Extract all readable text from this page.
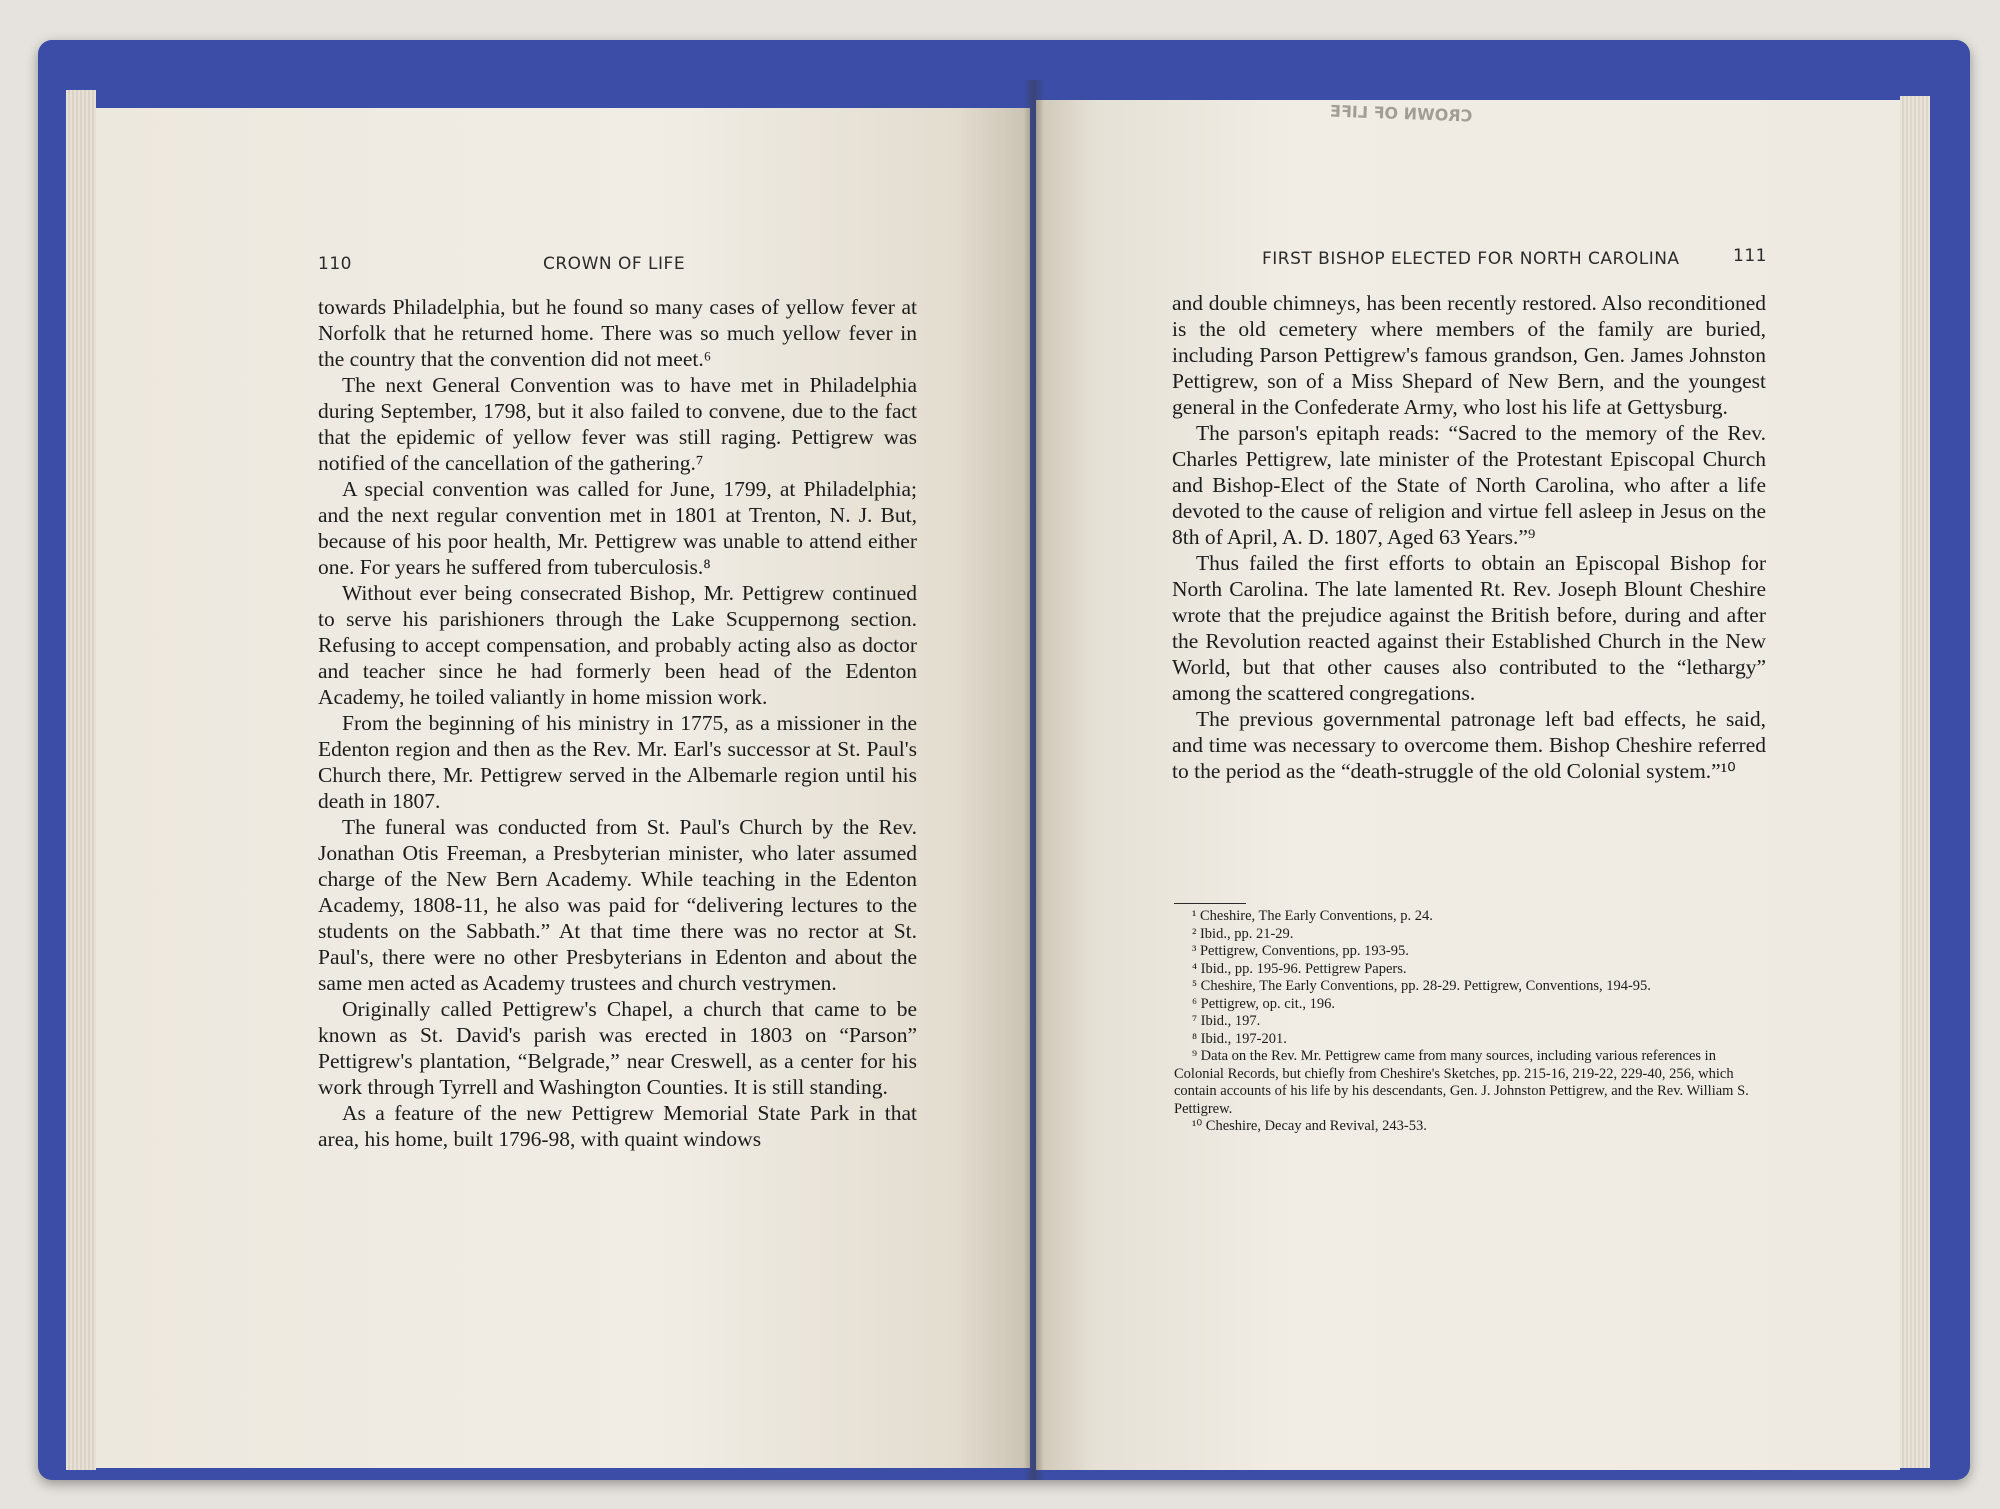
110	CROWN OF LIFE

towards Philadelphia, but he found so many cases of yellow fever at Norfolk that he returned home. There was so much yellow fever in the country that the convention did not meet.⁶

The next General Convention was to have met in Philadelphia during September, 1798, but it also failed to convene, due to the fact that the epidemic of yellow fever was still raging. Pettigrew was notified of the cancellation of the gathering.⁷

A special convention was called for June, 1799, at Philadelphia; and the next regular convention met in 1801 at Trenton, N. J. But, because of his poor health, Mr. Pettigrew was unable to attend either one. For years he suffered from tuberculosis.⁸

Without ever being consecrated Bishop, Mr. Pettigrew continued to serve his parishioners through the Lake Scuppernong section. Refusing to accept compensation, and probably acting also as doctor and teacher since he had formerly been head of the Edenton Academy, he toiled valiantly in home mission work.

From the beginning of his ministry in 1775, as a missioner in the Edenton region and then as the Rev. Mr. Earl's successor at St. Paul's Church there, Mr. Pettigrew served in the Albemarle region until his death in 1807.

The funeral was conducted from St. Paul's Church by the Rev. Jonathan Otis Freeman, a Presbyterian minister, who later assumed charge of the New Bern Academy. While teaching in the Edenton Academy, 1808-11, he also was paid for “delivering lectures to the students on the Sabbath.” At that time there was no rector at St. Paul's, there were no other Presbyterians in Edenton and about the same men acted as Academy trustees and church vestrymen.

Originally called Pettigrew's Chapel, a church that came to be known as St. David's parish was erected in 1803 on “Parson” Pettigrew's plantation, “Belgrade,” near Creswell, as a center for his work through Tyrrell and Washington Counties. It is still standing.

As a feature of the new Pettigrew Memorial State Park in that area, his home, built 1796-98, with quaint windows

CROWN OF LIFE
FIRST BISHOP ELECTED FOR NORTH CAROLINA	111

and double chimneys, has been recently restored. Also reconditioned is the old cemetery where members of the family are buried, including Parson Pettigrew's famous grandson, Gen. James Johnston Pettigrew, son of a Miss Shepard of New Bern, and the youngest general in the Confederate Army, who lost his life at Gettysburg.

The parson's epitaph reads: “Sacred to the memory of the Rev. Charles Pettigrew, late minister of the Protestant Episcopal Church and Bishop-Elect of the State of North Carolina, who after a life devoted to the cause of religion and virtue fell asleep in Jesus on the 8th of April, A. D. 1807, Aged 63 Years.”⁹

Thus failed the first efforts to obtain an Episcopal Bishop for North Carolina. The late lamented Rt. Rev. Joseph Blount Cheshire wrote that the prejudice against the British before, during and after the Revolution reacted against their Established Church in the New World, but that other causes also contributed to the “lethargy” among the scattered congregations.

The previous governmental patronage left bad effects, he said, and time was necessary to overcome them. Bishop Cheshire referred to the period as the “death-struggle of the old Colonial system.”¹⁰

¹ Cheshire, The Early Conventions, p. 24.

² Ibid., pp. 21-29.

³ Pettigrew, Conventions, pp. 193-95.

⁴ Ibid., pp. 195-96. Pettigrew Papers.

⁵ Cheshire, The Early Conventions, pp. 28-29. Pettigrew, Conventions, 194-95.

⁶ Pettigrew, op. cit., 196.

⁷ Ibid., 197.

⁸ Ibid., 197-201.

⁹ Data on the Rev. Mr. Pettigrew came from many sources, including various references in Colonial Records, but chiefly from Cheshire's Sketches, pp. 215-16, 219-22, 229-40, 256, which contain accounts of his life by his descendants, Gen. J. Johnston Pettigrew, and the Rev. William S. Pettigrew.

¹⁰ Cheshire, Decay and Revival, 243-53.
